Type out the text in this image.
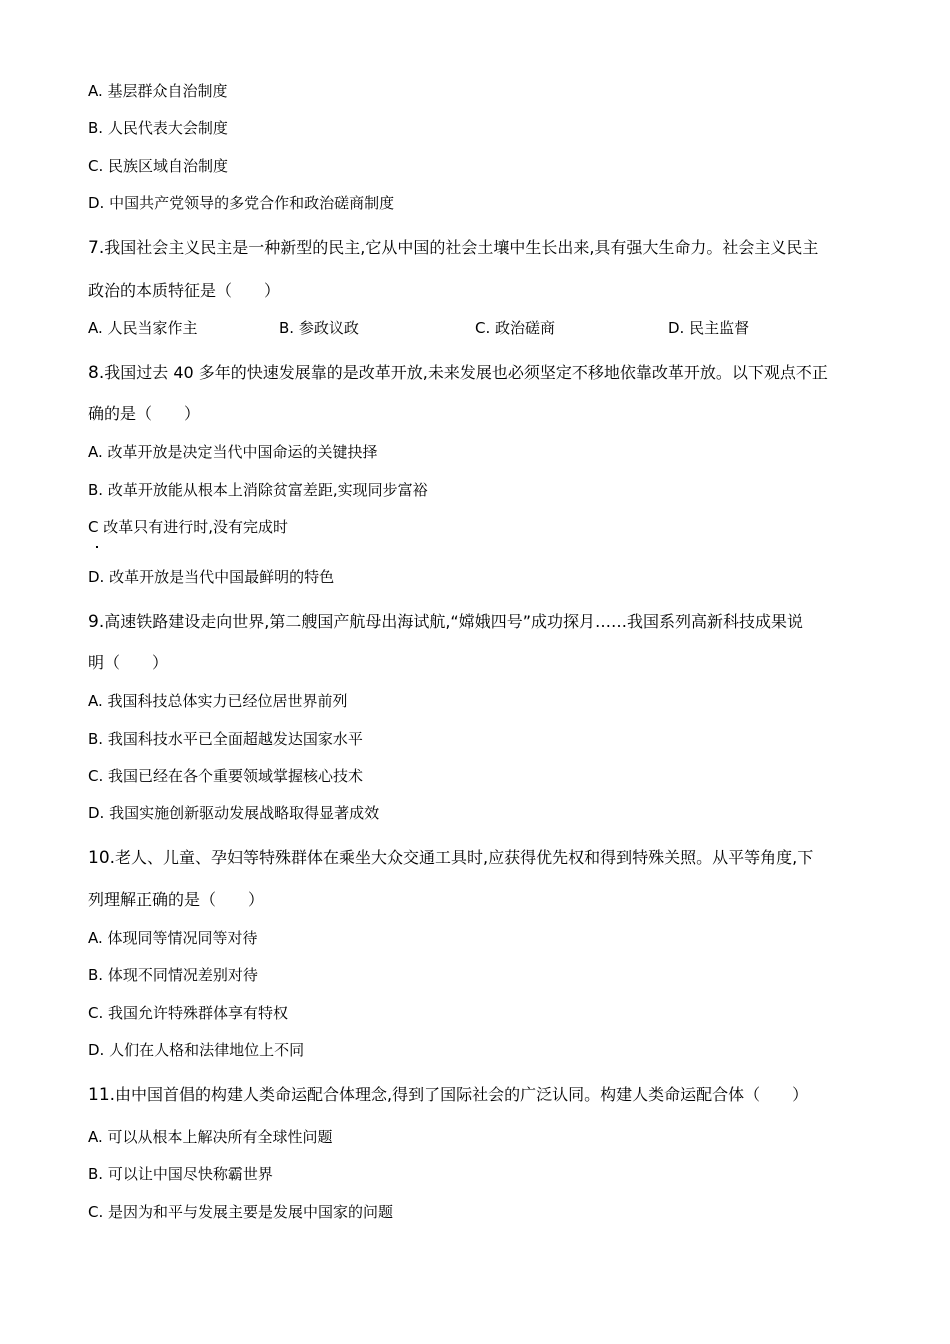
A. 基层群众自治制度
B. 人民代表大会制度
C. 民族区域自治制度
D. 中国共产党领导的多党合作和政治磋商制度
7.我国社会主义民主是一种新型的民主,它从中国的社会土壤中生长出来,具有强大生命力。社会主义民主
政治的本质特征是（　　）
A. 人民当家作主	B. 参政议政	C. 政治磋商	D. 民主监督
8.我国过去 40 多年的快速发展靠的是改革开放,未来发展也必须坚定不移地依靠改革开放。以下观点不正
确的是（　　）
A. 改革开放是决定当代中国命运的关键抉择
B. 改革开放能从根本上消除贫富差距,实现同步富裕
C 改革只有进行时,没有完成时
D. 改革开放是当代中国最鲜明的特色
9.高速铁路建设走向世界,第二艘国产航母出海试航,“嫦娥四号”成功探月……我国系列高新科技成果说
明（　　）
A. 我国科技总体实力已经位居世界前列
B. 我国科技水平已全面超越发达国家水平
C. 我国已经在各个重要领域掌握核心技术
D. 我国实施创新驱动发展战略取得显著成效
10.老人、儿童、孕妇等特殊群体在乘坐大众交通工具时,应获得优先权和得到特殊关照。从平等角度,下
列理解正确的是（　　）
A. 体现同等情况同等对待
B. 体现不同情况差别对待
C. 我国允许特殊群体享有特权
D. 人们在人格和法律地位上不同
11.由中国首倡的构建人类命运配合体理念,得到了国际社会的广泛认同。构建人类命运配合体（　　）
A. 可以从根本上解决所有全球性问题
B. 可以让中国尽快称霸世界
C. 是因为和平与发展主要是发展中国家的问题
